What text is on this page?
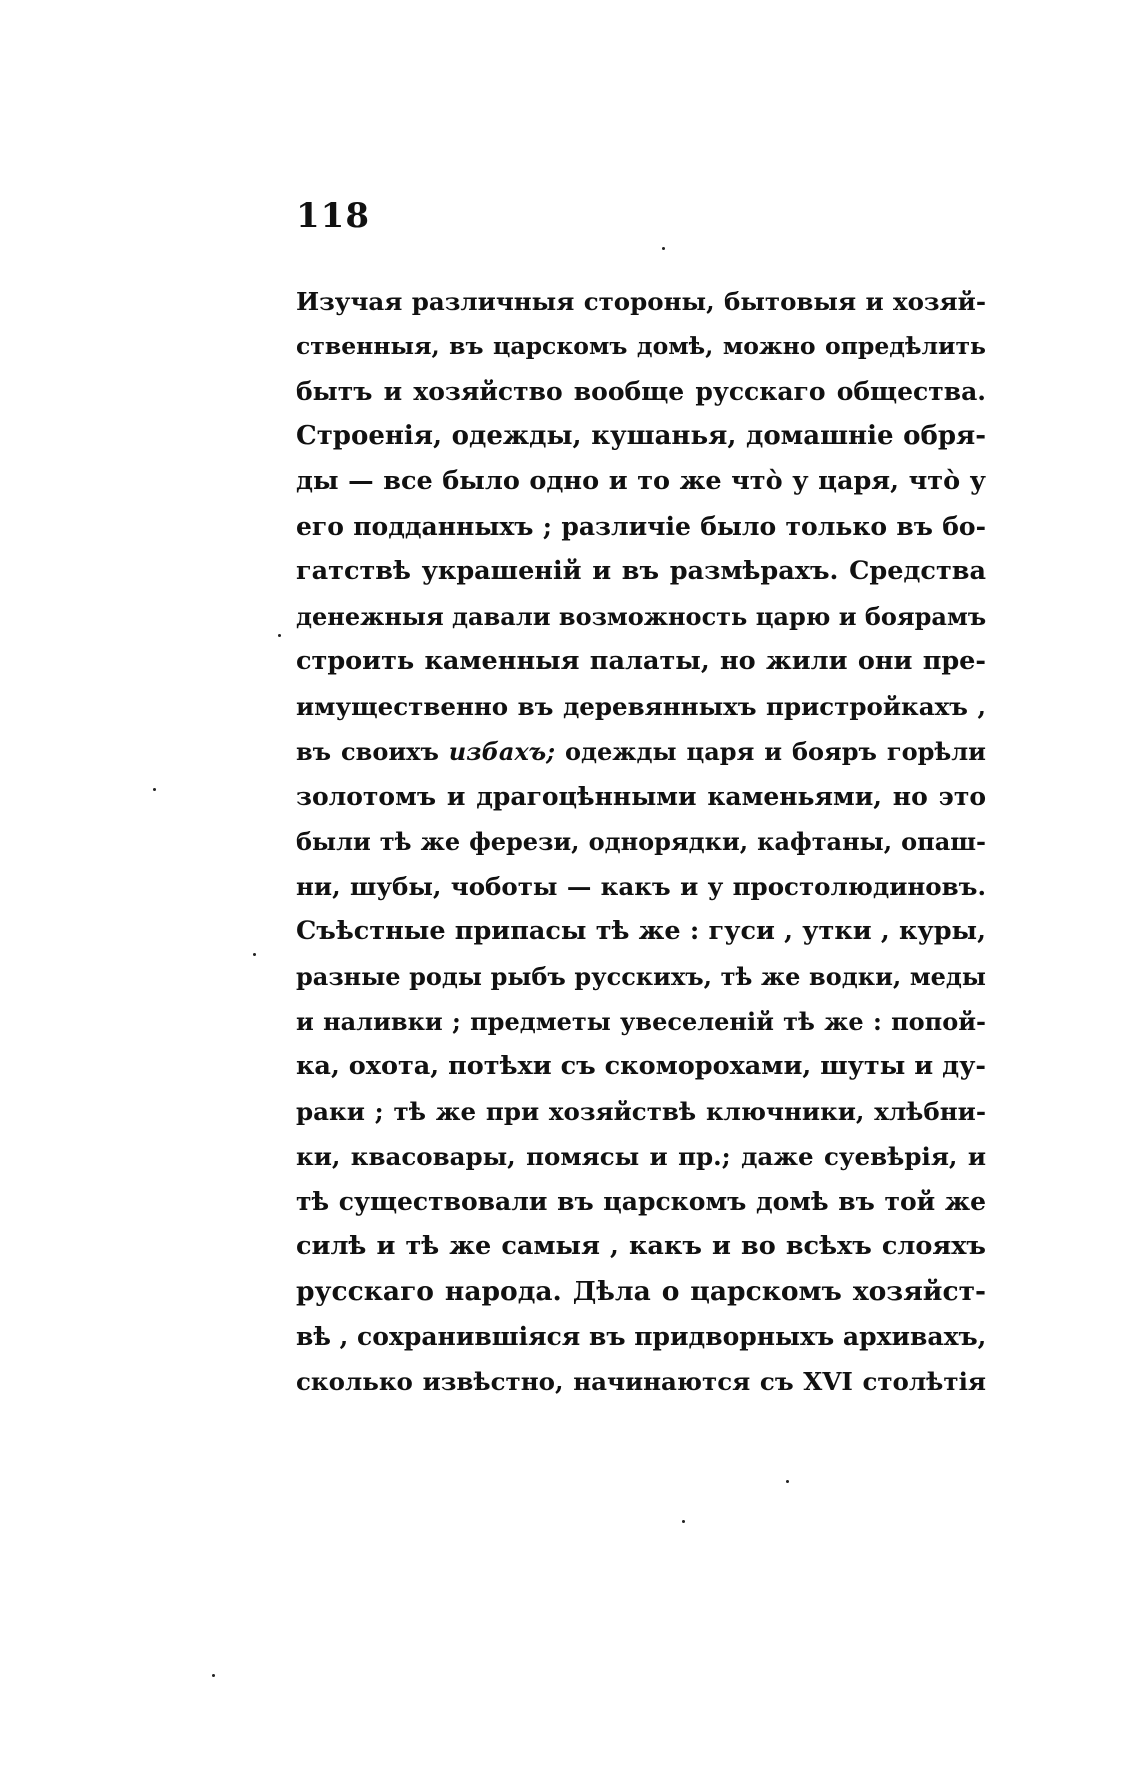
118
Изучая различныя стороны, бытовыя и хозяй-
ственныя, въ царскомъ домѣ, можно опредѣлить
бытъ и хозяйство вообще русскаго общества.
Строенія, одежды, кушанья, домашніе обря-
ды — все было одно и то же что̀ у царя, что̀ у
его подданныхъ ; различіе было только въ бо-
гатствѣ украшеній и въ размѣрахъ. Средства
денежныя давали возможность царю и боярамъ
строить каменныя палаты, но жили они пре-
имущественно въ деревянныхъ пристройкахъ ,
въ своихъ избахъ; одежды царя и бояръ горѣли
золотомъ и драгоцѣнными каменьями, но это
были тѣ же ферези, однорядки, кафтаны, опаш-
ни, шубы, чоботы — какъ и у простолюдиновъ.
Съѣстные припасы тѣ же : гуси , утки , куры,
разные роды рыбъ русскихъ, тѣ же водки, меды
и наливки ; предметы увеселеній тѣ же : попой-
ка, охота, потѣхи съ скоморохами, шуты и ду-
раки ; тѣ же при хозяйствѣ ключники, хлѣбни-
ки, квасовары, помясы и пр.; даже суевѣрія, и
тѣ существовали въ царскомъ домѣ въ той же
силѣ и тѣ же самыя , какъ и во всѣхъ слояхъ
русскаго народа. Дѣла о царскомъ хозяйст-
вѣ , сохранившіяся въ придворныхъ архивахъ,
сколько извѣстно, начинаются съ XVI столѣтія
